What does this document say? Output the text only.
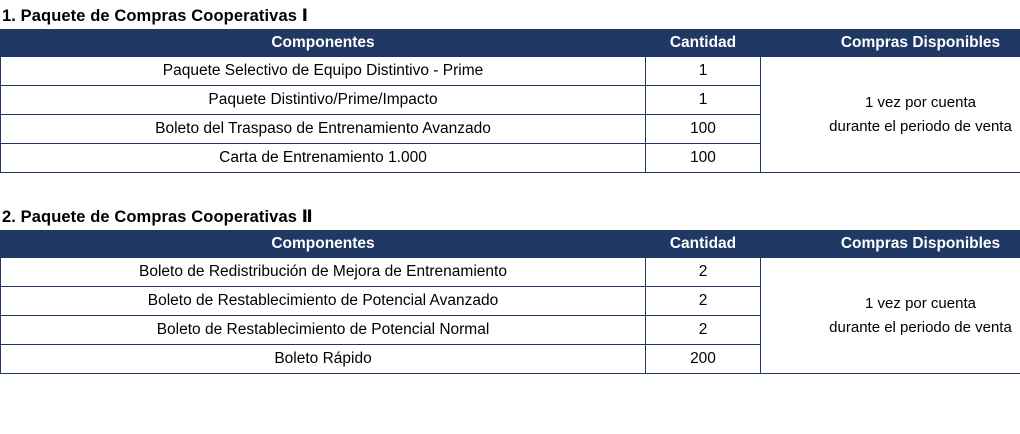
1. Paquete de Compras Cooperativas Ⅰ
Componentes	Cantidad	Compras Disponibles
Paquete Selectivo de Equipo Distintivo - Prime	1	1 vez por cuenta
durante el periodo de venta

Paquete Distintivo/Prime/Impacto	1	
Boleto del Traspaso de Entrenamiento Avanzado	100	
Carta de Entrenamiento 1.000	100	
2. Paquete de Compras Cooperativas Ⅱ
Componentes	Cantidad	Compras Disponibles
Boleto de Redistribución de Mejora de Entrenamiento	2	1 vez por cuenta
durante el periodo de venta

Boleto de Restablecimiento de Potencial Avanzado	2	
Boleto de Restablecimiento de Potencial Normal	2	
Boleto Rápido	200	
